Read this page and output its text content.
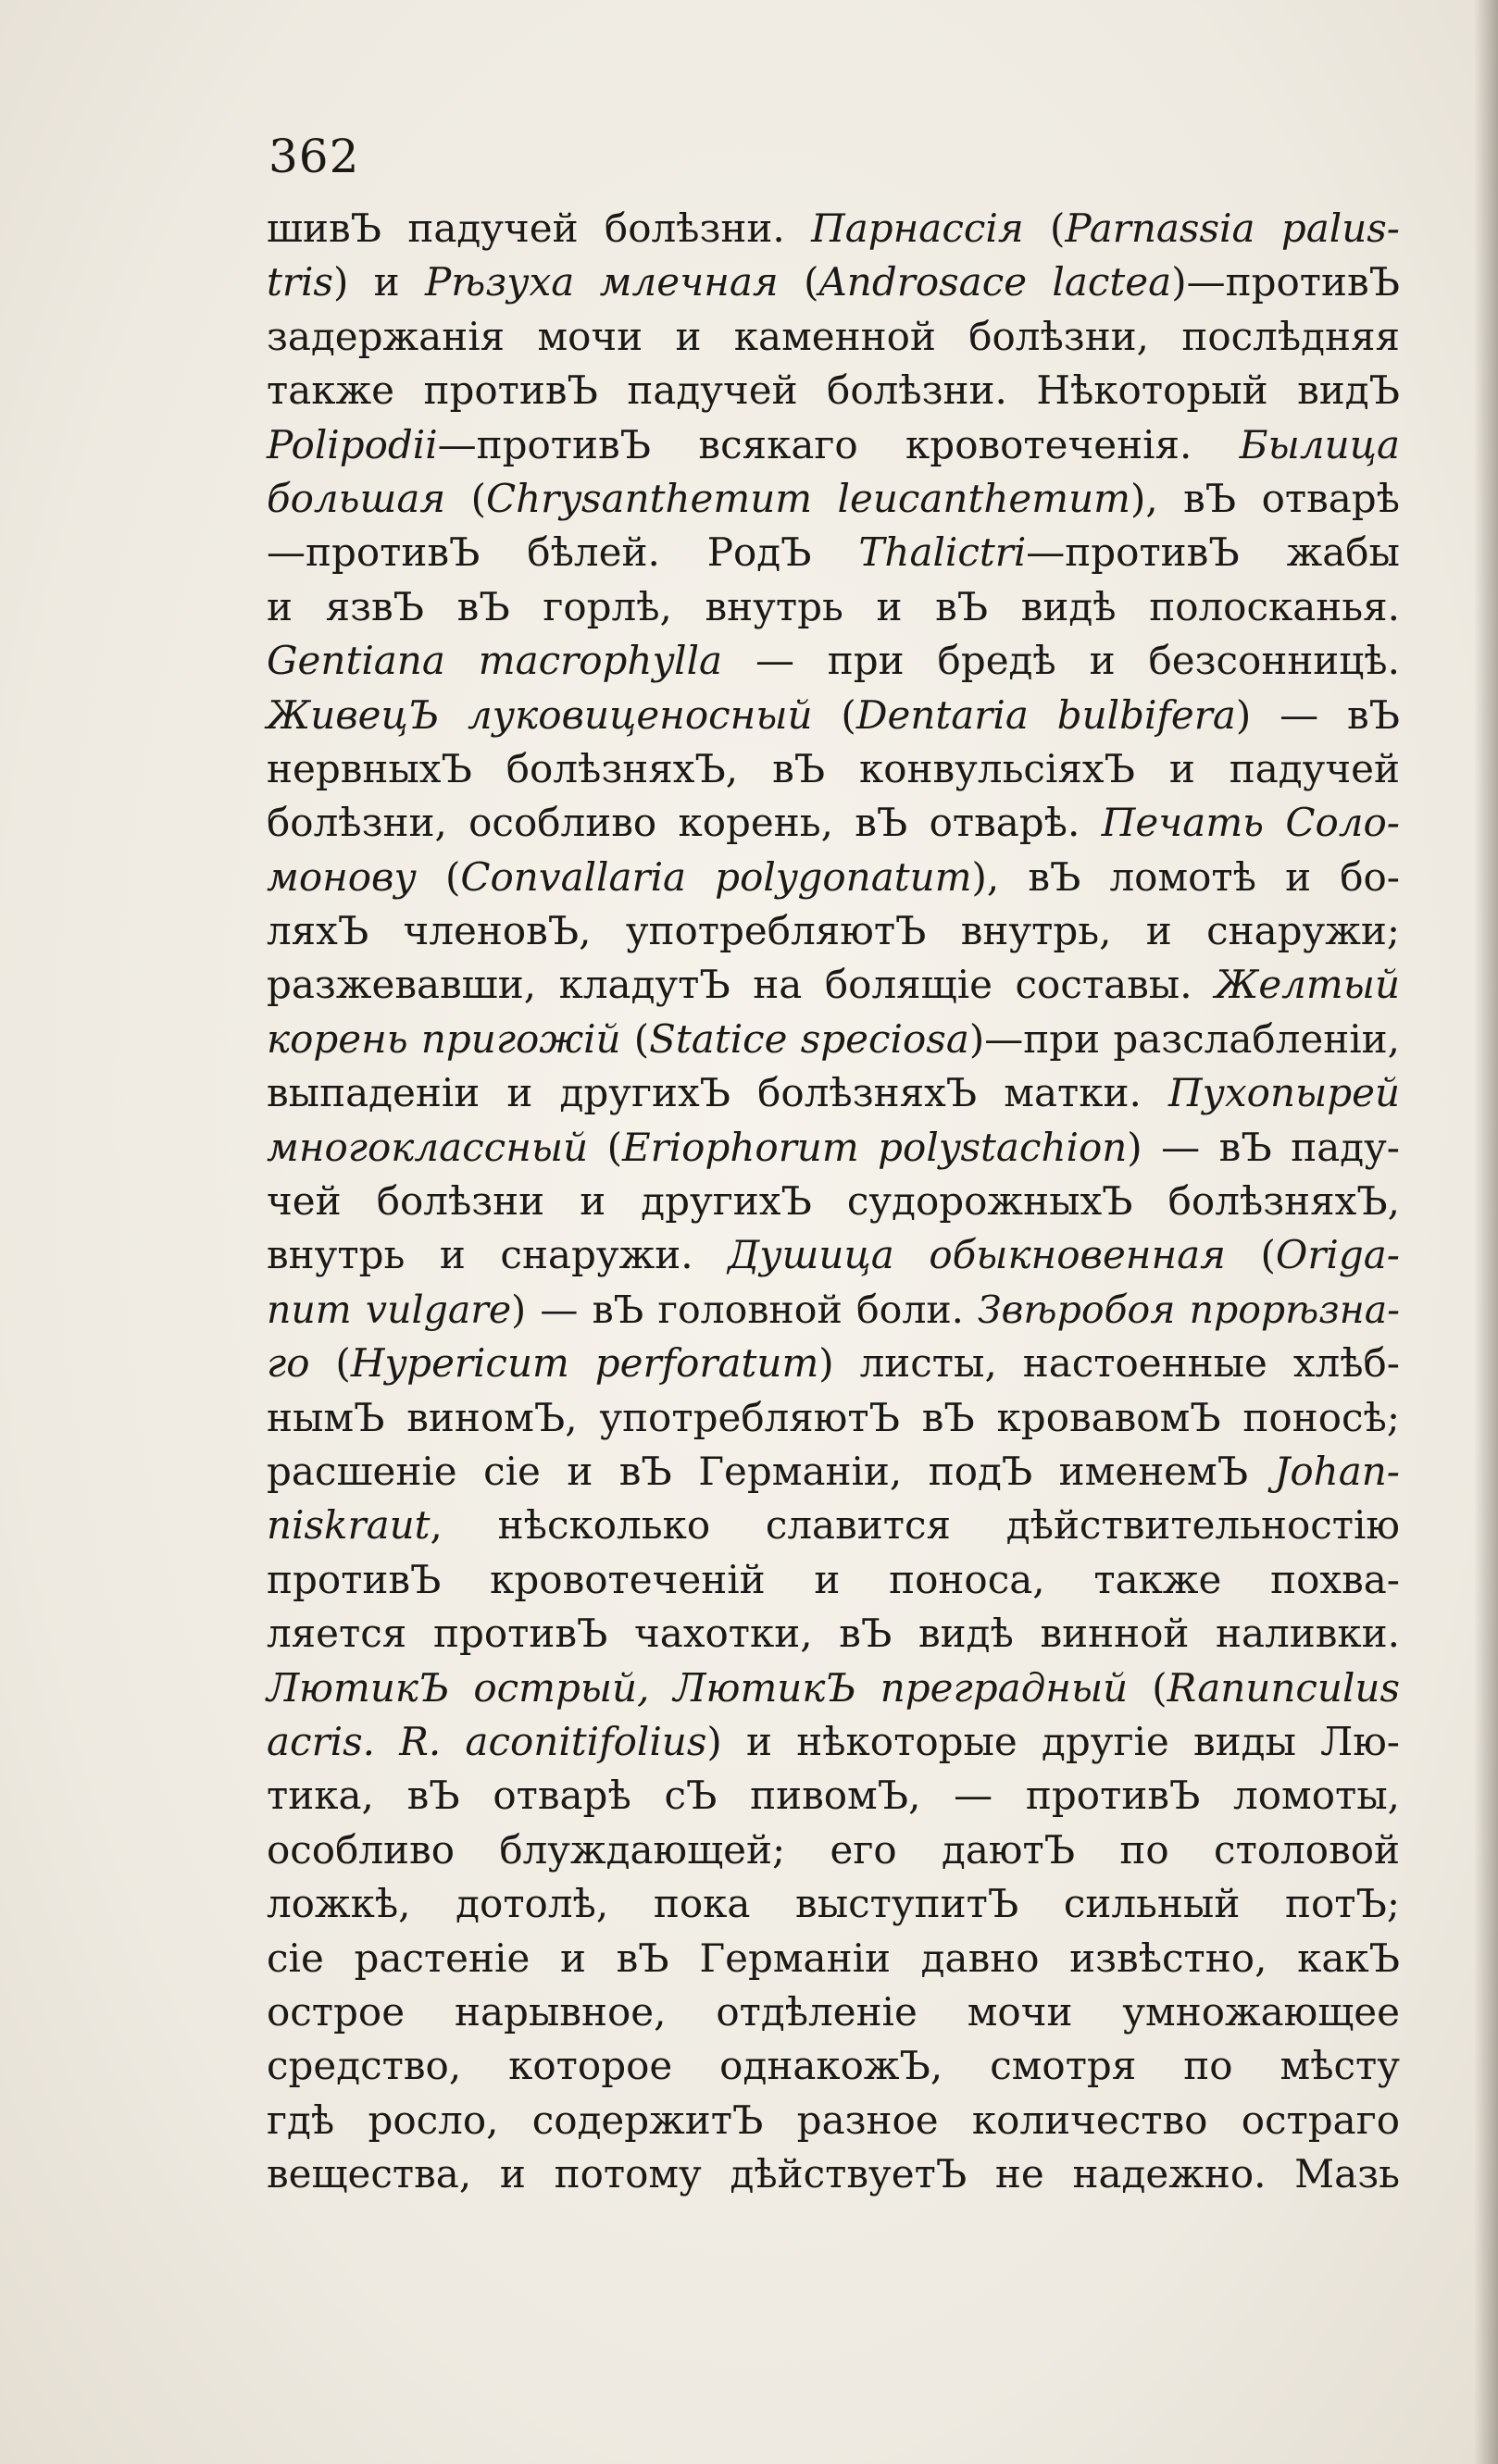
362
шивЪ падучей болѣзни. Парнассія (Parnassia palus-
tris) и Рѣзуха млечная (Androsace lactea)—противЪ
задержанія мочи и каменной болѣзни, послѣдняя
также противЪ падучей болѣзни. Нѣкоторый видЪ
Polipodii—противЪ всякаго кровотеченія. Былица
большая (Chrysanthemum leucanthemum), вЪ отварѣ
—противЪ бѣлей. РодЪ Thalictri—противЪ жабы
и язвЪ вЪ горлѣ, внутрь и вЪ видѣ полосканья.
Gentiana macrophylla — при бредѣ и безсонницѣ.
ЖивецЪ луковиценосный (Dentaria bulbifera) — вЪ
нервныхЪ болѣзняхЪ, вЪ конвульсіяхЪ и падучей
болѣзни, особливо корень, вЪ отварѣ. Печать Соло-
монову (Convallaria polygonatum), вЪ ломотѣ и бо-
ляхЪ членовЪ, употребляютЪ внутрь, и снаружи;
разжевавши, кладутЪ на болящіе составы. Желтый
корень пригожій (Statice speciosa)—при разслабленіи,
выпаденіи и другихЪ болѣзняхЪ матки. Пухопырей
многоклассный (Eriophorum polystachion) — вЪ паду-
чей болѣзни и другихЪ судорожныхЪ болѣзняхЪ,
внутрь и снаружи. Душица обыкновенная (Origa-
num vulgare) — вЪ головной боли. Звѣробоя прорѣзна-
го (Hypericum perforatum) листы, настоенные хлѣб-
нымЪ виномЪ, употребляютЪ вЪ кровавомЪ поносѣ;
расшеніе сіе и вЪ Германіи, подЪ именемЪ Johan-
niskraut, нѣсколько славится дѣйствительностію
противЪ кровотеченій и поноса, также похва-
ляется противЪ чахотки, вЪ видѣ винной наливки.
ЛютикЪ острый, ЛютикЪ преградный (Ranunculus
acris. R. aconitifolius) и нѣкоторые другіе виды Лю-
тика, вЪ отварѣ сЪ пивомЪ, — противЪ ломоты,
особливо блуждающей; его даютЪ по столовой
ложкѣ, дотолѣ, пока выступитЪ сильный потЪ;
сіе растеніе и вЪ Германіи давно извѣстно, какЪ
острое нарывное, отдѣленіе мочи умножающее
средство, которое однакожЪ, смотря по мѣсту
гдѣ росло, содержитЪ разное количество остраго
вещества, и потому дѣйствуетЪ не надежно. Мазь
